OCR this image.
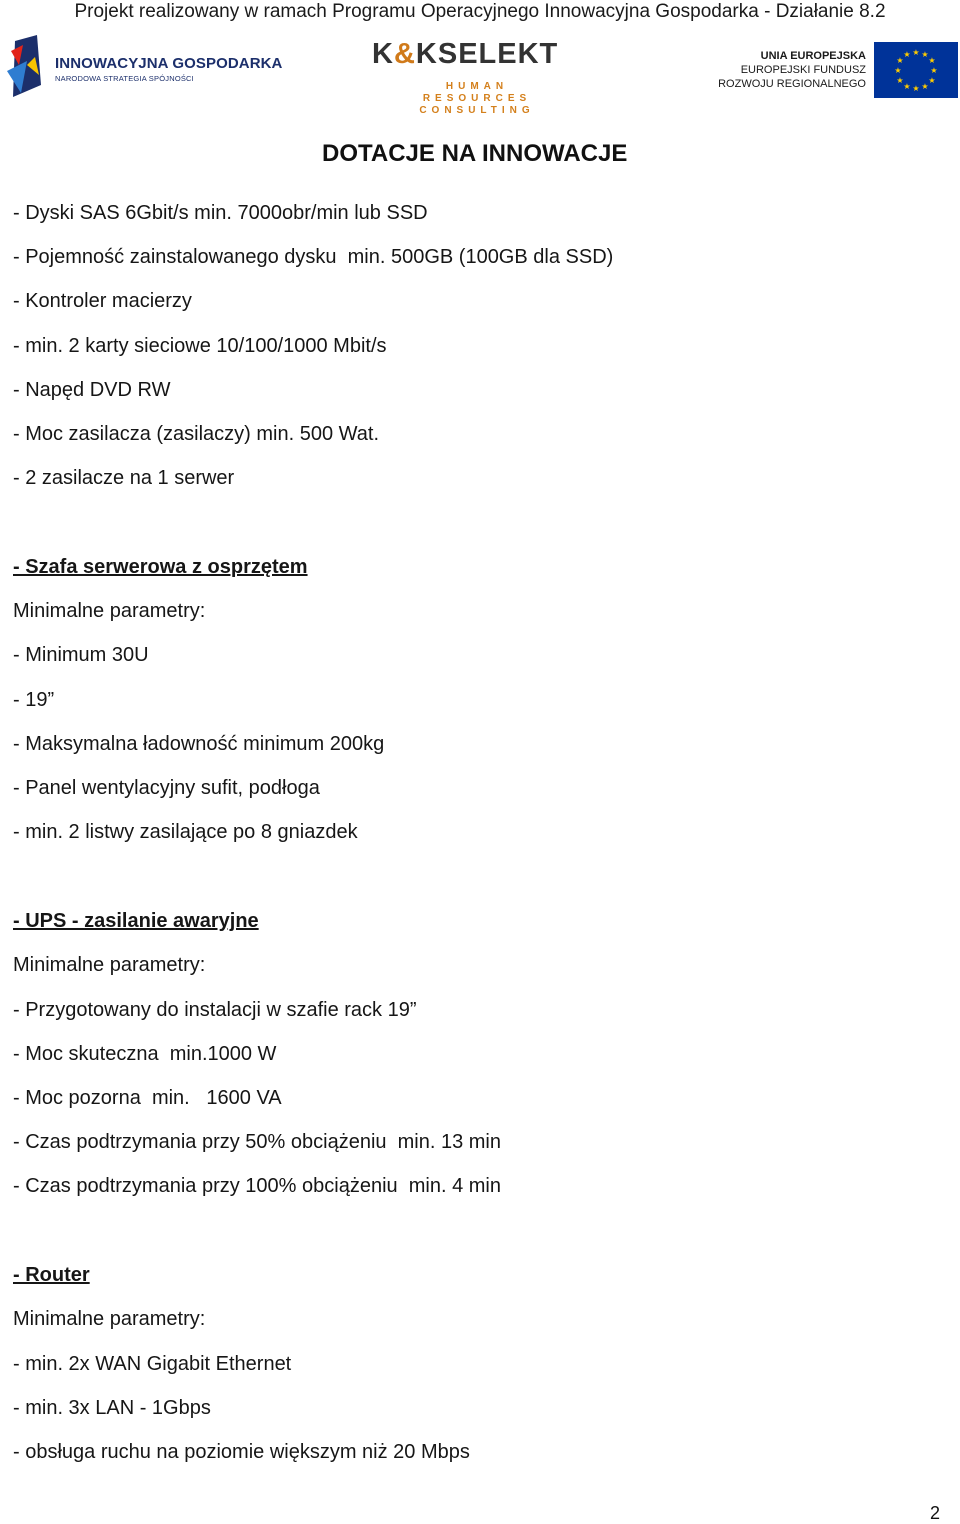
Projekt realizowany w ramach Programu Operacyjnego Innowacyjna Gospodarka - Działanie 8.2
INNOWACYJNA GOSPODARKA
NARODOWA STRATEGIA SPÓJNOŚCI
K&KSELEKT
HUMAN
RESOURCES
CONSULTING
UNIA EUROPEJSKA
EUROPEJSKI FUNDUSZ
ROZWOJU REGIONALNEGO
★ ★
★
★
★
★
★
★
★
★
★
★
DOTACJE NA INNOWACJE
- Dyski SAS 6Gbit/s min. 7000obr/min lub SSD
- Pojemność zainstalowanego dysku  min. 500GB (100GB dla SSD)
- Kontroler macierzy
- min. 2 karty sieciowe 10/100/1000 Mbit/s
- Napęd DVD RW
- Moc zasilacza (zasilaczy) min. 500 Wat.
- 2 zasilacze na 1 serwer
- Szafa serwerowa z osprzętem
Minimalne parametry:
- Minimum 30U
- 19”
- Maksymalna ładowność minimum 200kg
- Panel wentylacyjny sufit, podłoga
- min. 2 listwy zasilające po 8 gniazdek
- UPS - zasilanie awaryjne
Minimalne parametry:
- Przygotowany do instalacji w szafie rack 19”
- Moc skuteczna  min.1000 W
- Moc pozorna  min.   1600 VA
- Czas podtrzymania przy 50% obciążeniu  min. 13 min
- Czas podtrzymania przy 100% obciążeniu  min. 4 min
- Router
Minimalne parametry:
- min. 2x WAN Gigabit Ethernet
- min. 3x LAN - 1Gbps
- obsługa ruchu na poziomie większym niż 20 Mbps
2
